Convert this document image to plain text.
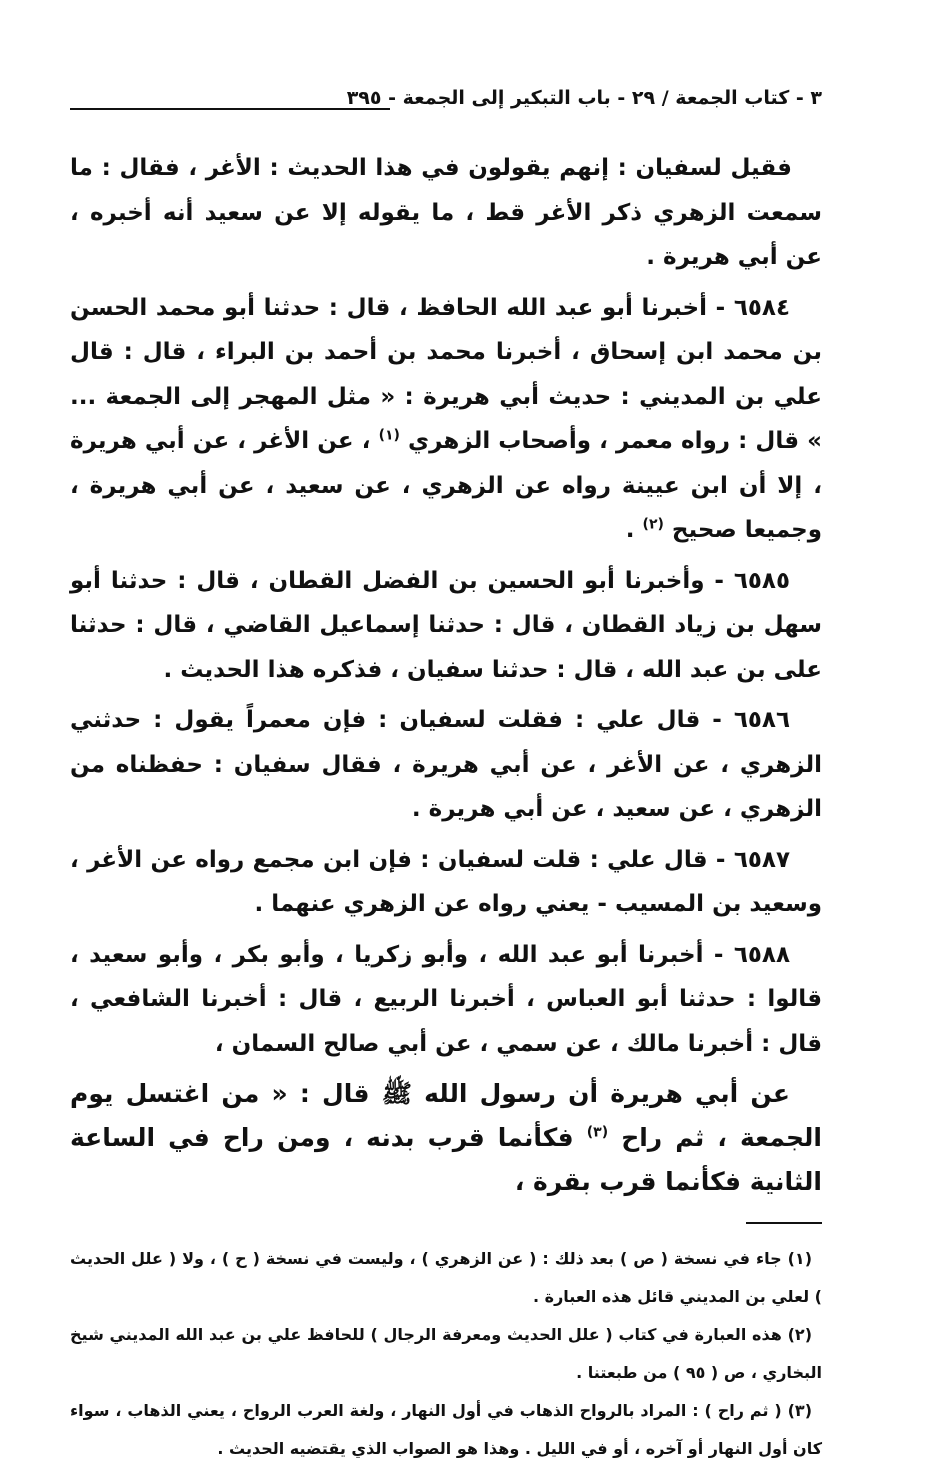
٣ - كتاب الجمعة / ٢٩ - باب التبكير إلى الجمعة - ٣٩٥

فقيل لسفيان : إنهم يقولون في هذا الحديث : الأغر ، فقال : ما سمعت الزهري ذكر الأغر قط ، ما يقوله إلا عن سعيد أنه أخبره ، عن أبي هريرة .

٦٥٨٤ - أخبرنا أبو عبد الله الحافظ ، قال : حدثنا أبو محمد الحسن بن محمد ابن إسحاق ، أخبرنا محمد بن أحمد بن البراء ، قال : قال علي بن المديني : حديث أبي هريرة : « مثل المهجر إلى الجمعة ... » قال : رواه معمر ، وأصحاب الزهري $^{(١)}$ ، عن الأغر ، عن أبي هريرة ، إلا أن ابن عيينة رواه عن الزهري ، عن سعيد ، عن أبي هريرة ، وجميعا صحيح $^{(٢)}$ .

٦٥٨٥ - وأخبرنا أبو الحسين بن الفضل القطان ، قال : حدثنا أبو سهل بن زياد القطان ، قال : حدثنا إسماعيل القاضي ، قال : حدثنا على بن عبد الله ، قال : حدثنا سفيان ، فذكره هذا الحديث .

٦٥٨٦ - قال علي : فقلت لسفيان : فإن معمراً يقول : حدثني الزهري ، عن الأغر ، عن أبي هريرة ، فقال سفيان : حفظناه من الزهري ، عن سعيد ، عن أبي هريرة .

٦٥٨٧ - قال علي : قلت لسفيان : فإن ابن مجمع رواه عن الأغر ، وسعيد بن المسيب - يعني رواه عن الزهري عنهما .

٦٥٨٨ - أخبرنا أبو عبد الله ، وأبو زكريا ، وأبو بكر ، وأبو سعيد ، قالوا : حدثنا أبو العباس ، أخبرنا الربيع ، قال : أخبرنا الشافعي ، قال : أخبرنا مالك ، عن سمي ، عن أبي صالح السمان ،

عن أبي هريرة أن رسول الله ﷺ قال : « من اغتسل يوم الجمعة ، ثم راح $^{(٣)}$ فكأنما قرب بدنه ، ومن راح في الساعة الثانية فكأنما قرب بقرة ،

(١) جاء في نسخة ( ص ) بعد ذلك : ( عن الزهري ) ، وليست في نسخة ( ح ) ، ولا ( علل الحديث ) لعلي بن المديني قائل هذه العبارة .

(٢) هذه العبارة في كتاب ( علل الحديث ومعرفة الرجال ) للحافظ علي بن عبد الله المديني شيخ البخاري ، ص ( ٩٥ ) من طبعتنا .

(٣) ( ثم راح ) : المراد بالرواح الذهاب في أول النهار ، ولغة العرب الرواح ، يعني الذهاب ، سواء كان أول النهار أو آخره ، أو في الليل . وهذا هو الصواب الذي يقتضيه الحديث .
